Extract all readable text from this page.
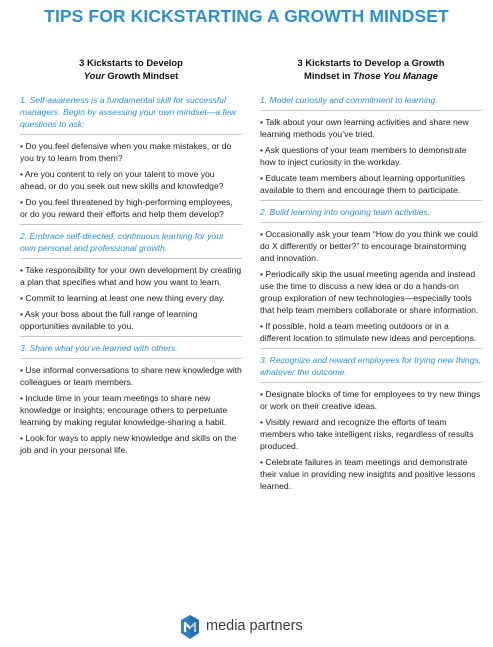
TIPS FOR KICKSTARTING A GROWTH MINDSET
3 Kickstarts to Develop
Your Growth Mindset

1. Self-awareness is a fundamental skill for successful managers. Begin by assessing your own mindset—a few questions to ask:

• Do you feel defensive when you make mistakes, or do you try to learn from them?

• Are you content to rely on your talent to move you ahead, or do you seek out new skills and knowledge?

• Do you feel threatened by high-performing employees, or do you reward their efforts and help them develop?

2. Embrace self-directed, continuous learning for your own personal and professional growth.

• Take responsibility for your own development by creating a plan that specifies what and how you want to learn.

• Commit to learning at least one new thing every day.

• Ask your boss about the full range of learning opportunities available to you.

3. Share what you’ve learned with others.

• Use informal conversations to share new knowledge with colleagues or team members.

• Include time in your team meetings to share new knowledge or insights; encourage others to perpetuate learning by making regular knowledge-sharing a habit.

• Look for ways to apply new knowledge and skills on the job and in your personal life.

3 Kickstarts to Develop a Growth
Mindset in Those You Manage

1. Model curiosity and commitment to learning.

• Talk about your own learning activities and share new learning methods you’ve tried.

• Ask questions of your team members to demonstrate how to inject curiosity in the workday.

• Educate team members about learning opportunities available to them and encourage them to participate.

2. Build learning into ongoing team activities.

• Occasionally ask your team “How do you think we could do X differently or better?” to encourage brainstorming and innovation.

• Periodically skip the usual meeting agenda and instead use the time to discuss a new idea or do a hands-on group exploration of new technologies—especially tools that help team members collaborate or share information.

• If possible, hold a team meeting outdoors or in a different location to stimulate new ideas and perceptions.

3. Recognize and reward employees for trying new things, whatever the outcome.

• Designate blocks of time for employees to try new things or work on their creative ideas.

• Visibly reward and recognize the efforts of team members who take intelligent risks, regardless of results produced.

• Celebrate failures in team meetings and demonstrate their value in providing new insights and positive lessons learned.

media partners
